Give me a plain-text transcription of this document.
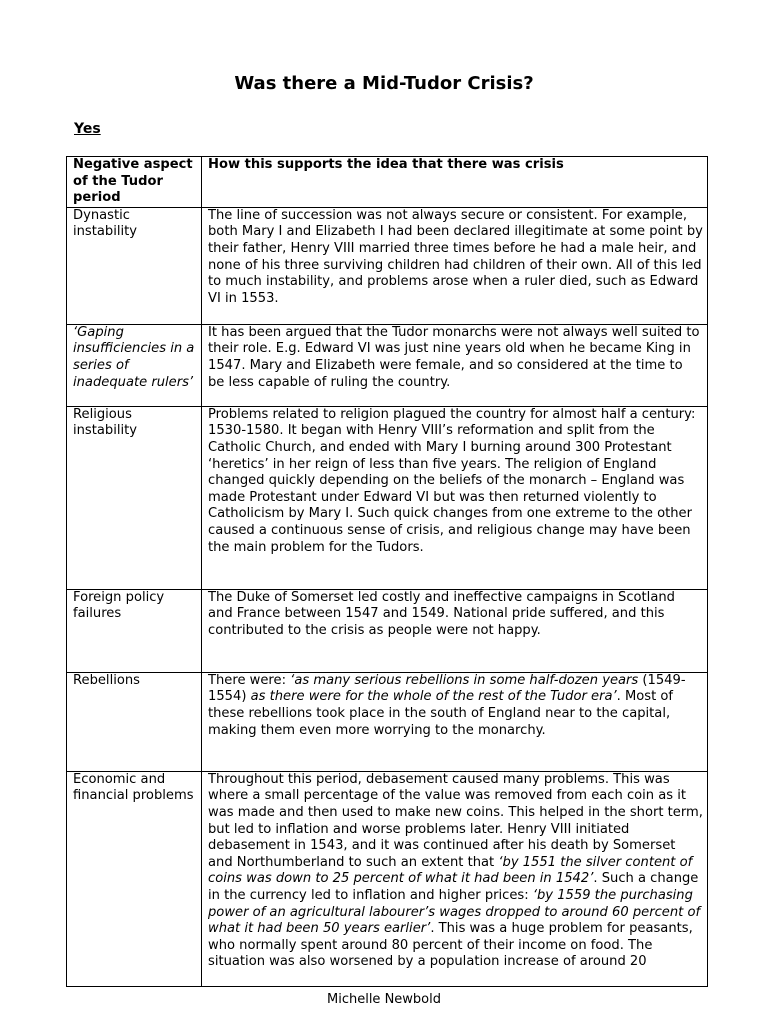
Was there a Mid-Tudor Crisis?
Yes
Negative aspect of the Tudor period	How this supports the idea that there was crisis
Dynastic instability	The line of succession was not always secure or consistent. For example, both Mary I and Elizabeth I had been declared illegitimate at some point by their father, Henry VIII married three times before he had a male heir, and none of his three surviving children had children of their own. All of this led to much instability, and problems arose when a ruler died, such as Edward VI in 1553.
‘Gaping insufficiencies in a series of inadequate rulers’	It has been argued that the Tudor monarchs were not always well suited to their role. E.g. Edward VI was just nine years old when he became King in 1547. Mary and Elizabeth were female, and so considered at the time to be less capable of ruling the country.
Religious instability	Problems related to religion plagued the country for almost half a century: 1530-1580. It began with Henry VIII’s reformation and split from the Catholic Church, and ended with Mary I burning around 300 Protestant ‘heretics’ in her reign of less than five years. The religion of England changed quickly depending on the beliefs of the monarch – England was made Protestant under Edward VI but was then returned violently to Catholicism by Mary I. Such quick changes from one extreme to the other caused a continuous sense of crisis, and religious change may have been the main problem for the Tudors.
Foreign policy failures	The Duke of Somerset led costly and ineffective campaigns in Scotland and France between 1547 and 1549. National pride suffered, and this contributed to the crisis as people were not happy.
Rebellions	There were: ‘as many serious rebellions in some half-dozen years (1549-1554) as there were for the whole of the rest of the Tudor era’. Most of these rebellions took place in the south of England near to the capital, making them even more worrying to the monarchy.
Economic and financial problems	Throughout this period, debasement caused many problems. This was where a small percentage of the value was removed from each coin as it was made and then used to make new coins. This helped in the short term, but led to inflation and worse problems later. Henry VIII initiated debasement in 1543, and it was continued after his death by Somerset and Northumberland to such an extent that ‘by 1551 the silver content of coins was down to 25 percent of what it had been in 1542’. Such a change in the currency led to inflation and higher prices: ‘by 1559 the purchasing power of an agricultural labourer’s wages dropped to around 60 percent of what it had been 50 years earlier’. This was a huge problem for peasants, who normally spent around 80 percent of their income on food. The situation was also worsened by a population increase of around 20
Michelle Newbold
